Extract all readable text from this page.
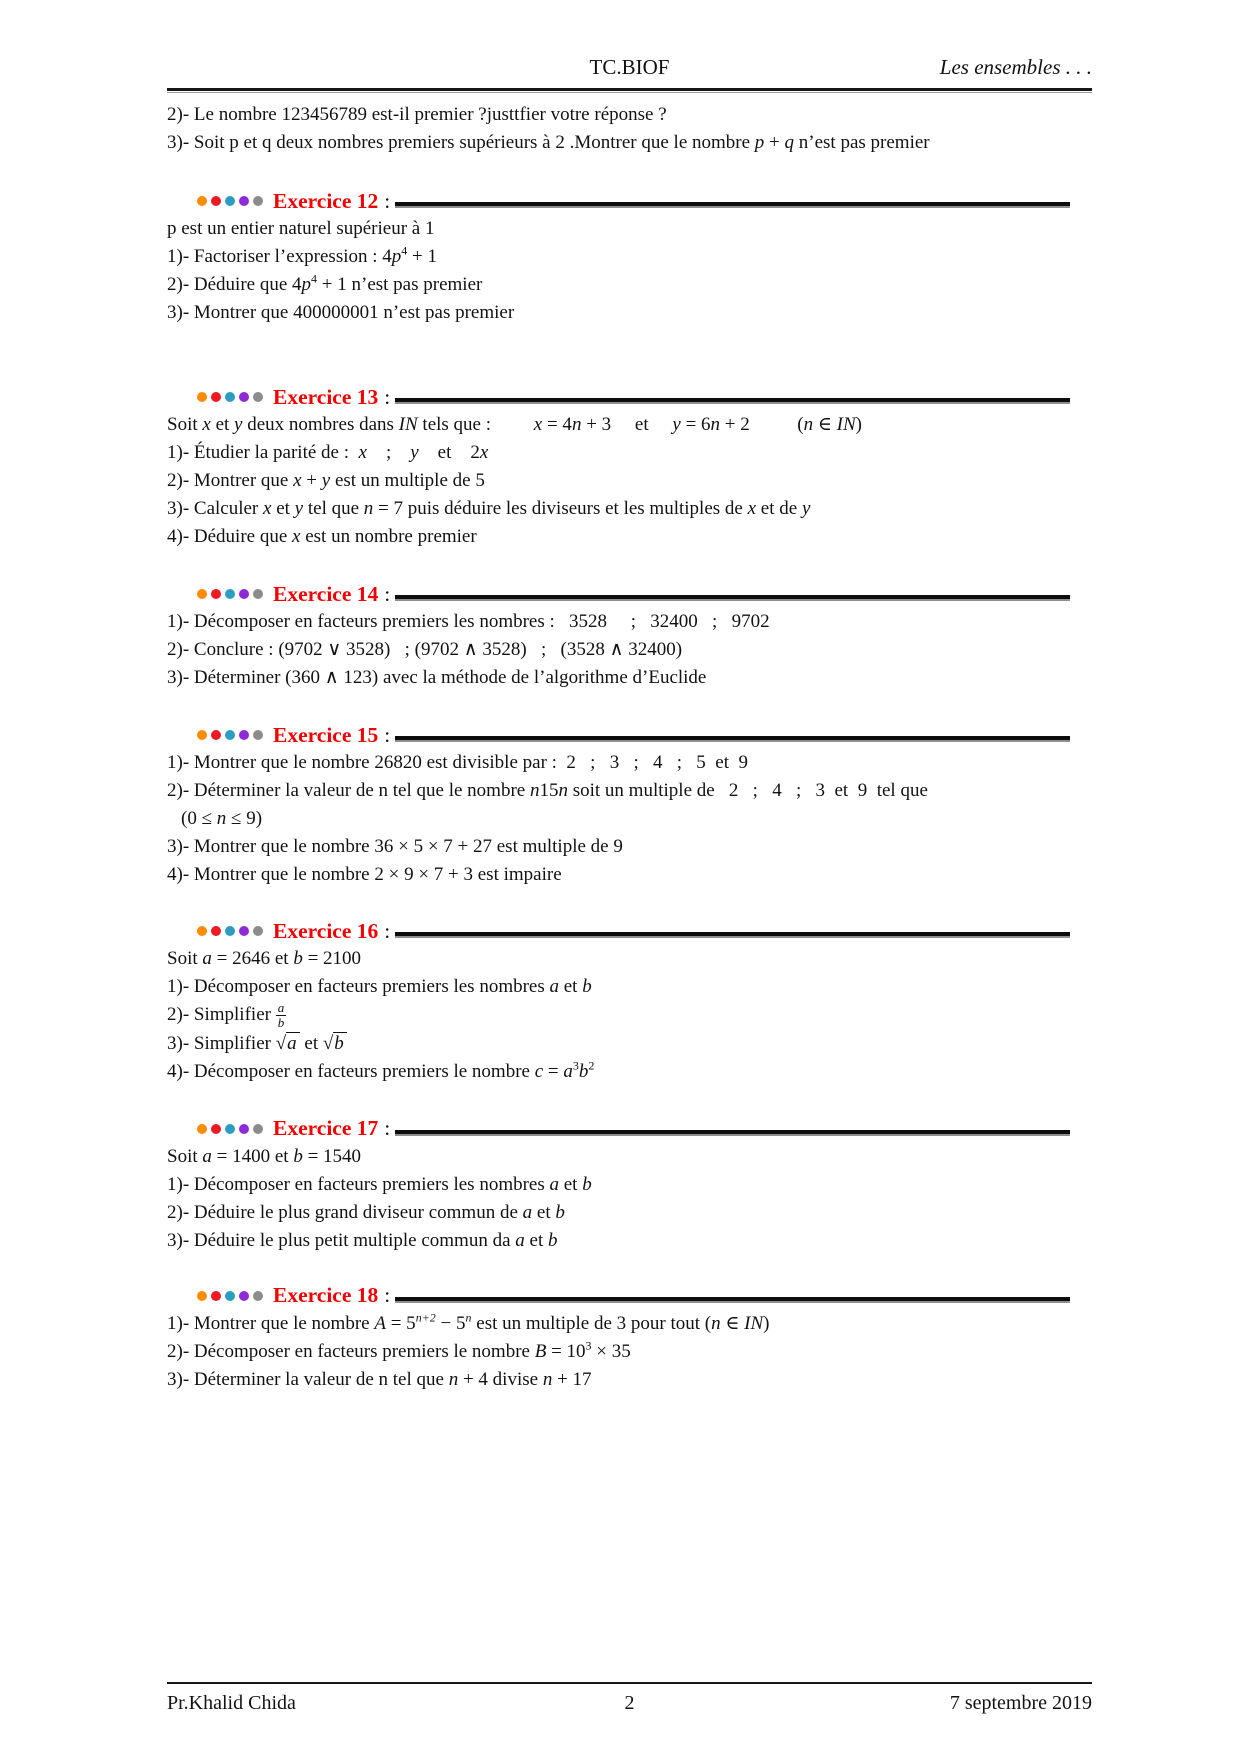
TC.BIOF	Les ensembles . . .
2)- Le nombre 123456789 est-il premier ?justtfier votre réponse ?
3)- Soit p et q deux nombres premiers supérieurs à 2 .Montrer que le nombre p + q n’est pas premier
Exercice 12 :
p est un entier naturel supérieur à 1
1)- Factoriser l’expression : $4p^4 + 1$
2)- Déduire que $4p^4 + 1$ n’est pas premier
3)- Montrer que 400000001 n’est pas premier
Exercice 13 :
Soit x et y deux nombres dans IN tels que :         x = 4n + 3     et     y = 6n + 2          (n ∈ IN)
1)- Étudier la parité de :  x    ;    y    et    2x
2)- Montrer que x + y est un multiple de 5
3)- Calculer x et y tel que n = 7 puis déduire les diviseurs et les multiples de x et de y
4)- Déduire que x est un nombre premier
Exercice 14 :
1)- Décomposer en facteurs premiers les nombres :   3528     ;   32400   ;   9702
2)- Conclure : (9702 ∨ 3528)   ; (9702 ∧ 3528)   ;   (3528 ∧ 32400)
3)- Déterminer (360 ∧ 123) avec la méthode de l’algorithme d’Euclide
Exercice 15 :
1)- Montrer que le nombre 26820 est divisible par :  2   ;   3   ;   4   ;   5  et  9
2)- Déterminer la valeur de n tel que le nombre n15n soit un multiple de   2   ;   4   ;   3  et  9  tel que
(0 ≤ n ≤ 9)
3)- Montrer que le nombre 36 × 5 × 7 + 27 est multiple de 9
4)- Montrer que le nombre 2 × 9 × 7 + 3 est impaire
Exercice 16 :
Soit a = 2646 et b = 2100
1)- Décomposer en facteurs premiers les nombres a et b
2)- Simplifier $\frac{a}{b}$
3)- Simplifier √a et √b
4)- Décomposer en facteurs premiers le nombre $c = a^3b^2$
Exercice 17 :
Soit a = 1400 et b = 1540
1)- Décomposer en facteurs premiers les nombres a et b
2)- Déduire le plus grand diviseur commun de a et b
3)- Déduire le plus petit multiple commun da a et b
Exercice 18 :
1)- Montrer que le nombre $A = 5^{n+2} - 5^n$ est un multiple de 3 pour tout (n ∈ IN)
2)- Décomposer en facteurs premiers le nombre $B = 10^3 \times 35$
3)- Déterminer la valeur de n tel que n + 4 divise n + 17
Pr.Khalid Chida	2	7 septembre 2019
